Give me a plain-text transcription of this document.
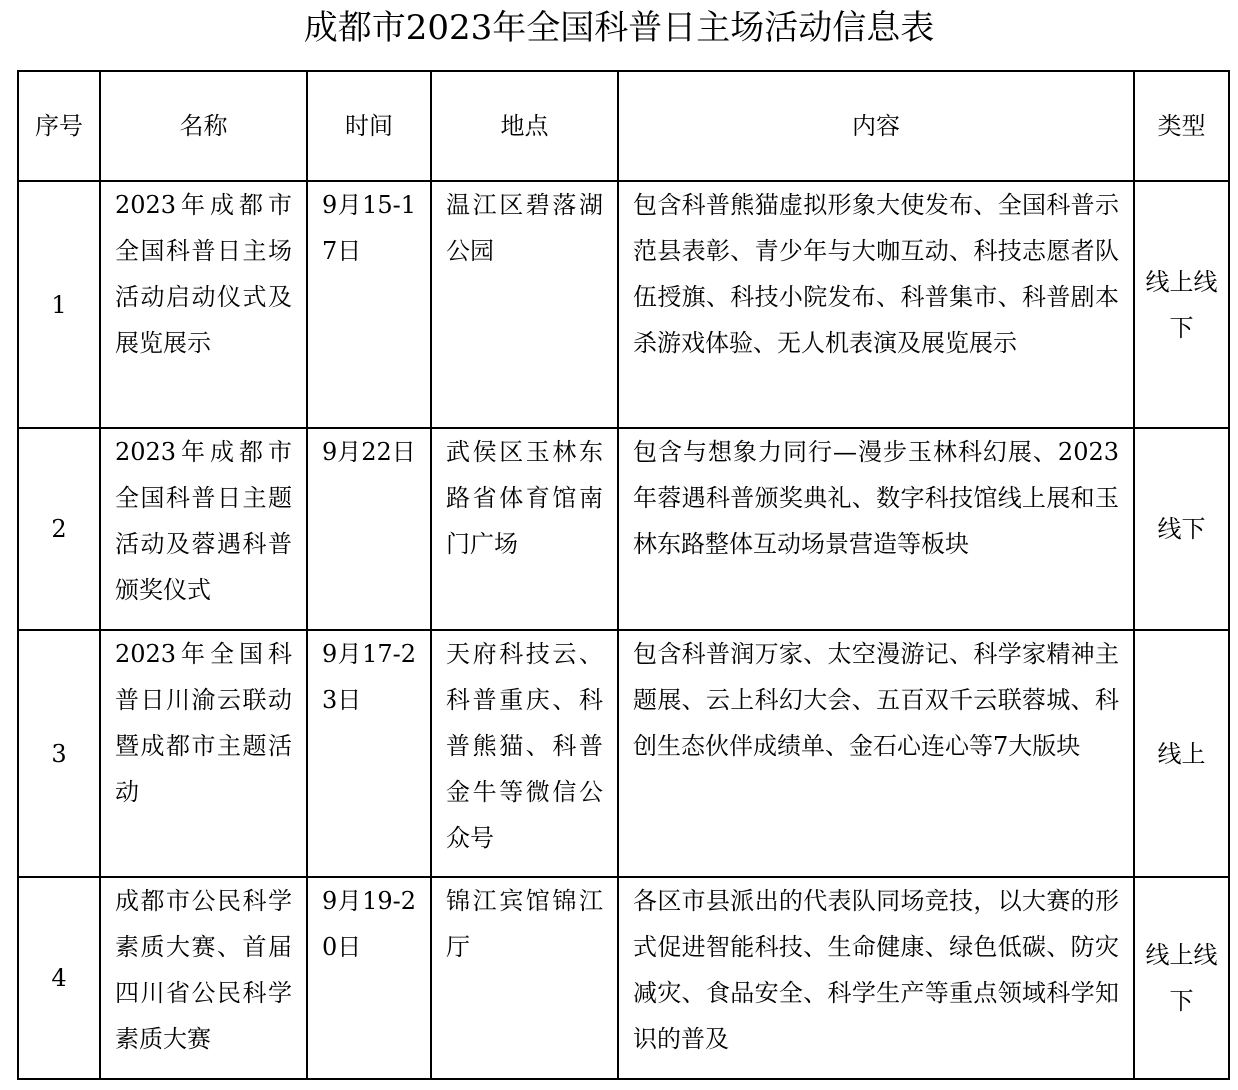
成都市2023年全国科普日主场活动信息表
序号	名称	时间	地点	内容	类型
1	2023年成都市全国科普日主场活动启动仪式及展览展示	9月15-17日	温江区碧落湖公园	包含科普熊猫虚拟形象大使发布、全国科普示范县表彰、青少年与大咖互动、科技志愿者队伍授旗、科技小院发布、科普集市、科普剧本杀游戏体验、无人机表演及展览展示	线上线下
2	2023年成都市全国科普日主题活动及蓉遇科普颁奖仪式	9月22日	武侯区玉林东路省体育馆南门广场	包含与想象力同行—漫步玉林科幻展、2023年蓉遇科普颁奖典礼、数字科技馆线上展和玉林东路整体互动场景营造等板块	线下
3	2023年全国科普日川渝云联动暨成都市主题活动	9月17-23日	天府科技云、科普重庆、科普熊猫、科普金牛等微信公众号	包含科普润万家、太空漫游记、科学家精神主题展、云上科幻大会、五百双千云联蓉城、科创生态伙伴成绩单、金石心连心等7大版块	线上
4	成都市公民科学素质大赛、首届四川省公民科学素质大赛	9月19-20日	锦江宾馆锦江厅	各区市县派出的代表队同场竞技，以大赛的形式促进智能科技、生命健康、绿色低碳、防灾减灾、食品安全、科学生产等重点领域科学知识的普及	线上线下
